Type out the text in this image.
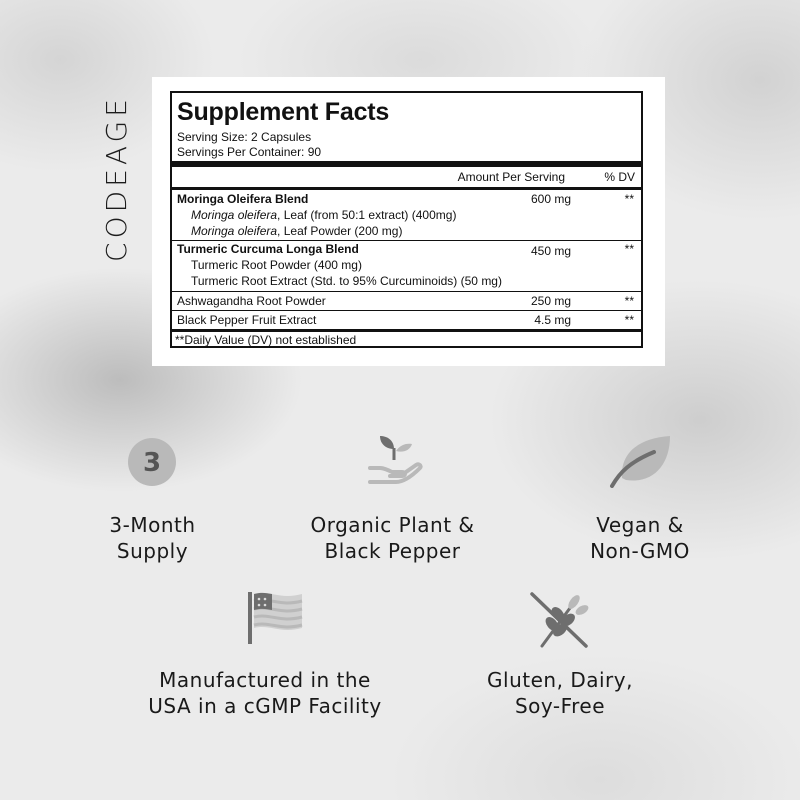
CODEAGE Supplement Facts
Serving Size: 2 Capsules
Servings Per Container: 90
Amount Per Serving	% DV
Moringa Oleifera Blend	600 mg	**
Moringa oleifera, Leaf (from 50:1 extract) (400mg)
Moringa oleifera, Leaf Powder (200 mg)
Turmeric Curcuma Longa Blend	450 mg	**
Turmeric Root Powder (400 mg)
Turmeric Root Extract (Std. to 95% Curcuminoids) (50 mg)
Ashwagandha Root Powder	250 mg	**
Black Pepper Fruit Extract	4.5 mg	**
**Daily Value (DV) not established
3
3-Month
Supply
Organic Plant &
Black Pepper
Vegan &
Non-GMO
Manufactured in the
USA in a cGMP Facility
Gluten, Dairy,
Soy-Free
